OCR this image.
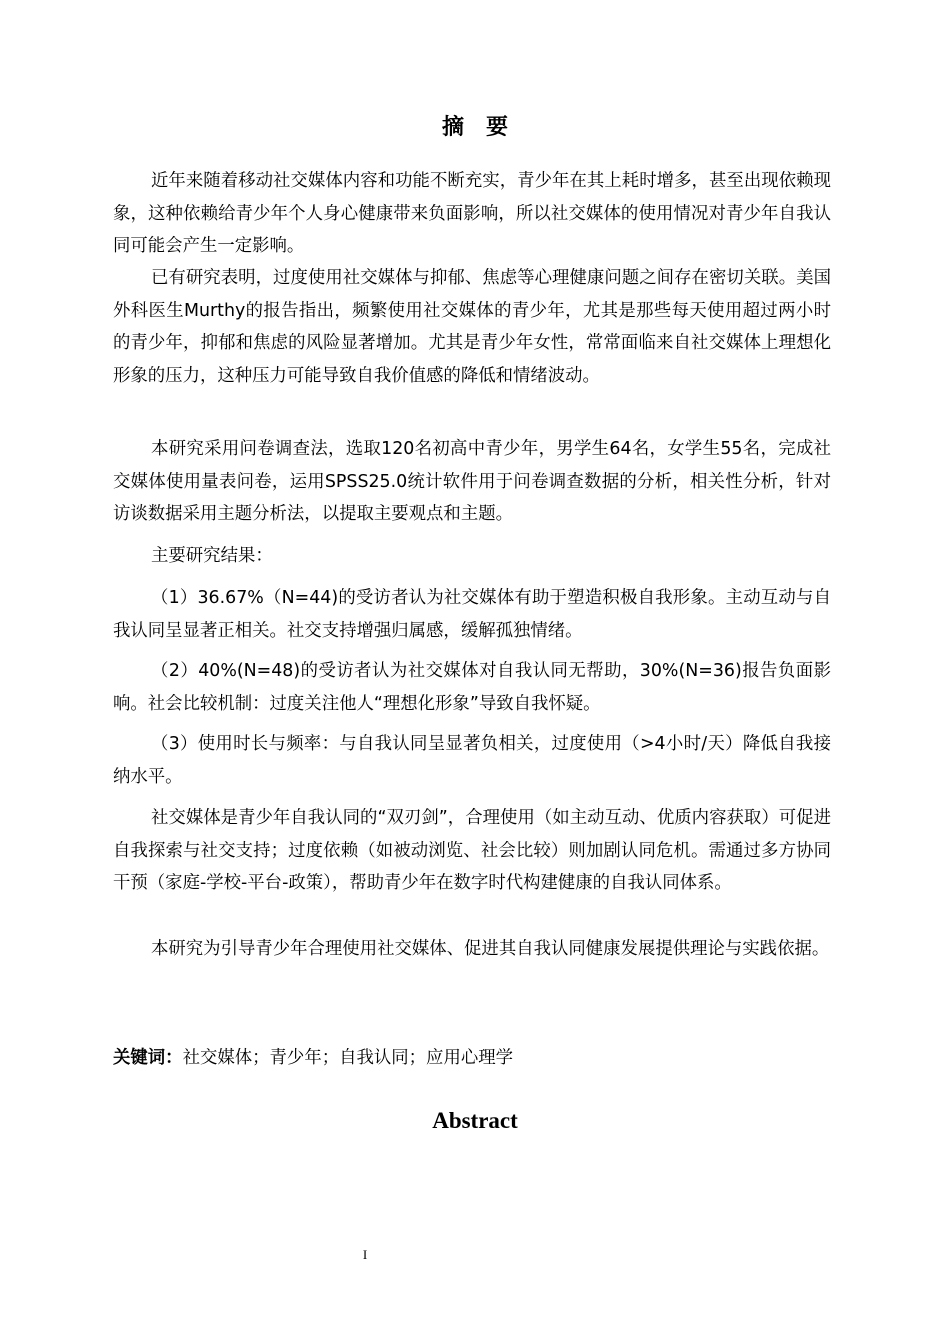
摘要

近年来随着移动社交媒体内容和功能不断充实，青少年在其上耗时增多，甚至出现依赖现象，这种依赖给青少年个人身心健康带来负面影响，所以社交媒体的使用情况对青少年自我认同可能会产生一定影响。

已有研究表明，过度使用社交媒体与抑郁、焦虑等心理健康问题之间存在密切关联。美国外科医生Murthy的报告指出，频繁使用社交媒体的青少年，尤其是那些每天使用超过两小时的青少年，抑郁和焦虑的风险显著增加。尤其是青少年女性，常常面临来自社交媒体上理想化形象的压力，这种压力可能导致自我价值感的降低和情绪波动。

本研究采用问卷调查法，选取120名初高中青少年，男学生64名，女学生55名，完成社交媒体使用量表问卷，运用SPSS25.0统计软件用于问卷调查数据的分析，相关性分析，针对访谈数据采用主题分析法，以提取主要观点和主题。

主要研究结果：

（1）36.67%（N=44)的受访者认为社交媒体有助于塑造积极自我形象。主动互动与自我认同呈显著正相关。社交支持增强归属感，缓解孤独情绪。

（2）40%(N=48)的受访者认为社交媒体对自我认同无帮助，30%(N=36)报告负面影响。社会比较机制：过度关注他人“理想化形象”导致自我怀疑。

（3）使用时长与频率：与自我认同呈显著负相关，过度使用（>4小时/天）降低自我接纳水平。

社交媒体是青少年自我认同的“双刃剑”，合理使用（如主动互动、优质内容获取）可促进自我探索与社交支持；过度依赖（如被动浏览、社会比较）则加剧认同危机。需通过多方协同干预（家庭-学校-平台-政策），帮助青少年在数字时代构建健康的自我认同体系。

本研究为引导青少年合理使用社交媒体、促进其自我认同健康发展提供理论与实践依据。

关键词：社交媒体；青少年；自我认同；应用心理学
Abstract
I
